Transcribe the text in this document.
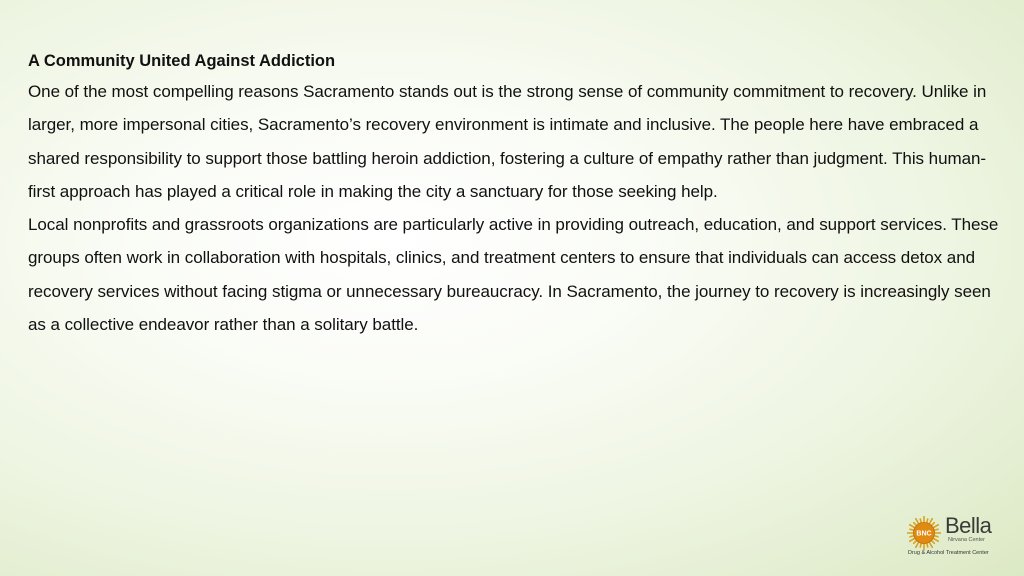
A Community United Against Addiction

One of the most compelling reasons Sacramento stands out is the strong sense of community commitment to recovery. Unlike in larger, more impersonal cities, Sacramento’s recovery environment is intimate and inclusive. The people here have embraced a shared responsibility to support those battling heroin addiction, fostering a culture of empathy rather than judgment. This human-first approach has played a critical role in making the city a sanctuary for those seeking help.

Local nonprofits and grassroots organizations are particularly active in providing outreach, education, and support services. These groups often work in collaboration with hospitals, clinics, and treatment centers to ensure that individuals can access detox and recovery services without facing stigma or unnecessary bureaucracy. In Sacramento, the journey to recovery is increasingly seen as a collective endeavor rather than a solitary battle.

BNC Bella
Nirvana Center
Drug & Alcohol Treatment Center
